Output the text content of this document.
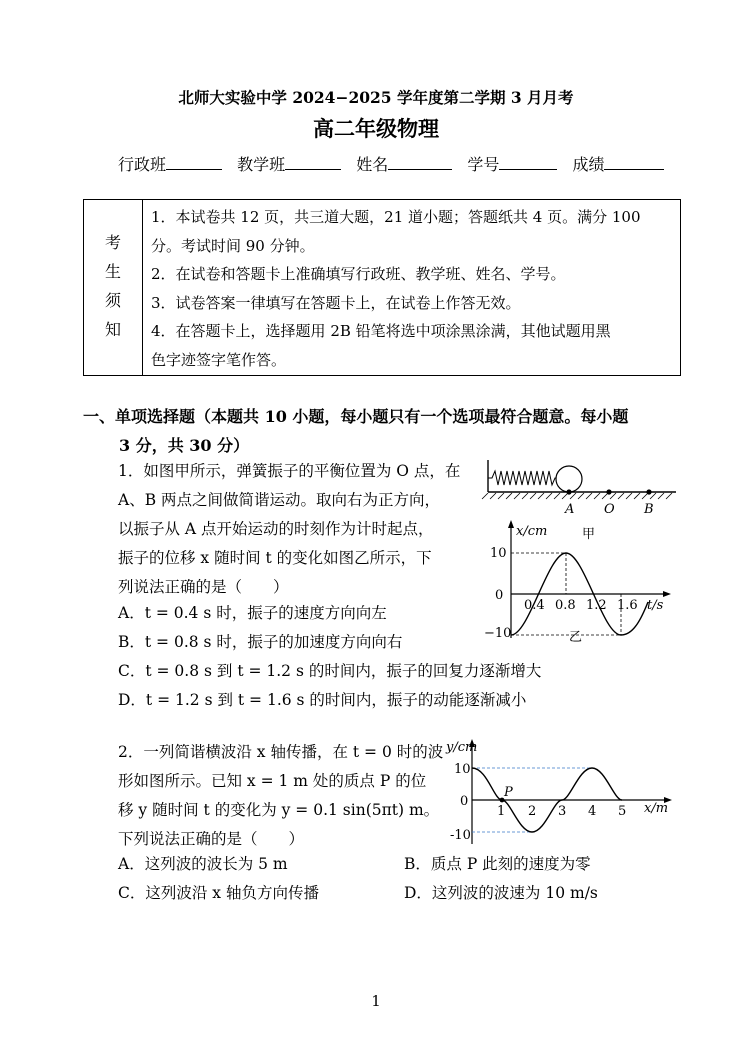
北师大实验中学 2024−2025 学年度第二学期 3 月月考
高二年级物理
行政班	教学班	姓名	学号	成绩
考
生
须
知
1．本试卷共 12 页，共三道大题，21 道小题；答题纸共 4 页。满分 100
分。考试时间 90 分钟。
2．在试卷和答题卡上准确填写行政班、教学班、姓名、学号。
3．试卷答案一律填写在答题卡上，在试卷上作答无效。
4．在答题卡上，选择题用 2B 铅笔将选中项涂黑涂满，其他试题用黑
色字迹签字笔作答。
一、单项选择题（本题共 10 小题，每小题只有一个选项最符合题意。每小题
3 分，共 30 分）
1．如图甲所示，弹簧振子的平衡位置为 O 点，在
A、B 两点之间做简谐运动。取向右为正方向，
以振子从 A 点开始运动的时刻作为计时起点，
振子的位移 x 随时间 t 的变化如图乙所示，下
列说法正确的是（　　）
A．t = 0.4 s 时，振子的速度方向向左
B．t = 0.8 s 时，振子的加速度方向向右
C．t = 0.8 s 到 t = 1.2 s 的时间内，振子的回复力逐渐增大
D．t = 1.2 s 到 t = 1.6 s 的时间内，振子的动能逐渐减小
A O B
x/cm	甲
10
0
−10
0.4 0.8 1.2 1.6 t/s
乙
2．一列简谐横波沿 x 轴传播，在 t = 0 时的波
形如图所示。已知 x = 1 m 处的质点 P 的位
移 y 随时间 t 的变化为 y = 0.1 sin(5πt) m。
下列说法正确的是（　　）
A．这列波的波长为 5 m	B．质点 P 此刻的速度为零
C．这列波沿 x 轴负方向传播	D．这列波的波速为 10 m/s
y/cm
10
0
-10
1 2 3 4 5 x/m
P
1
